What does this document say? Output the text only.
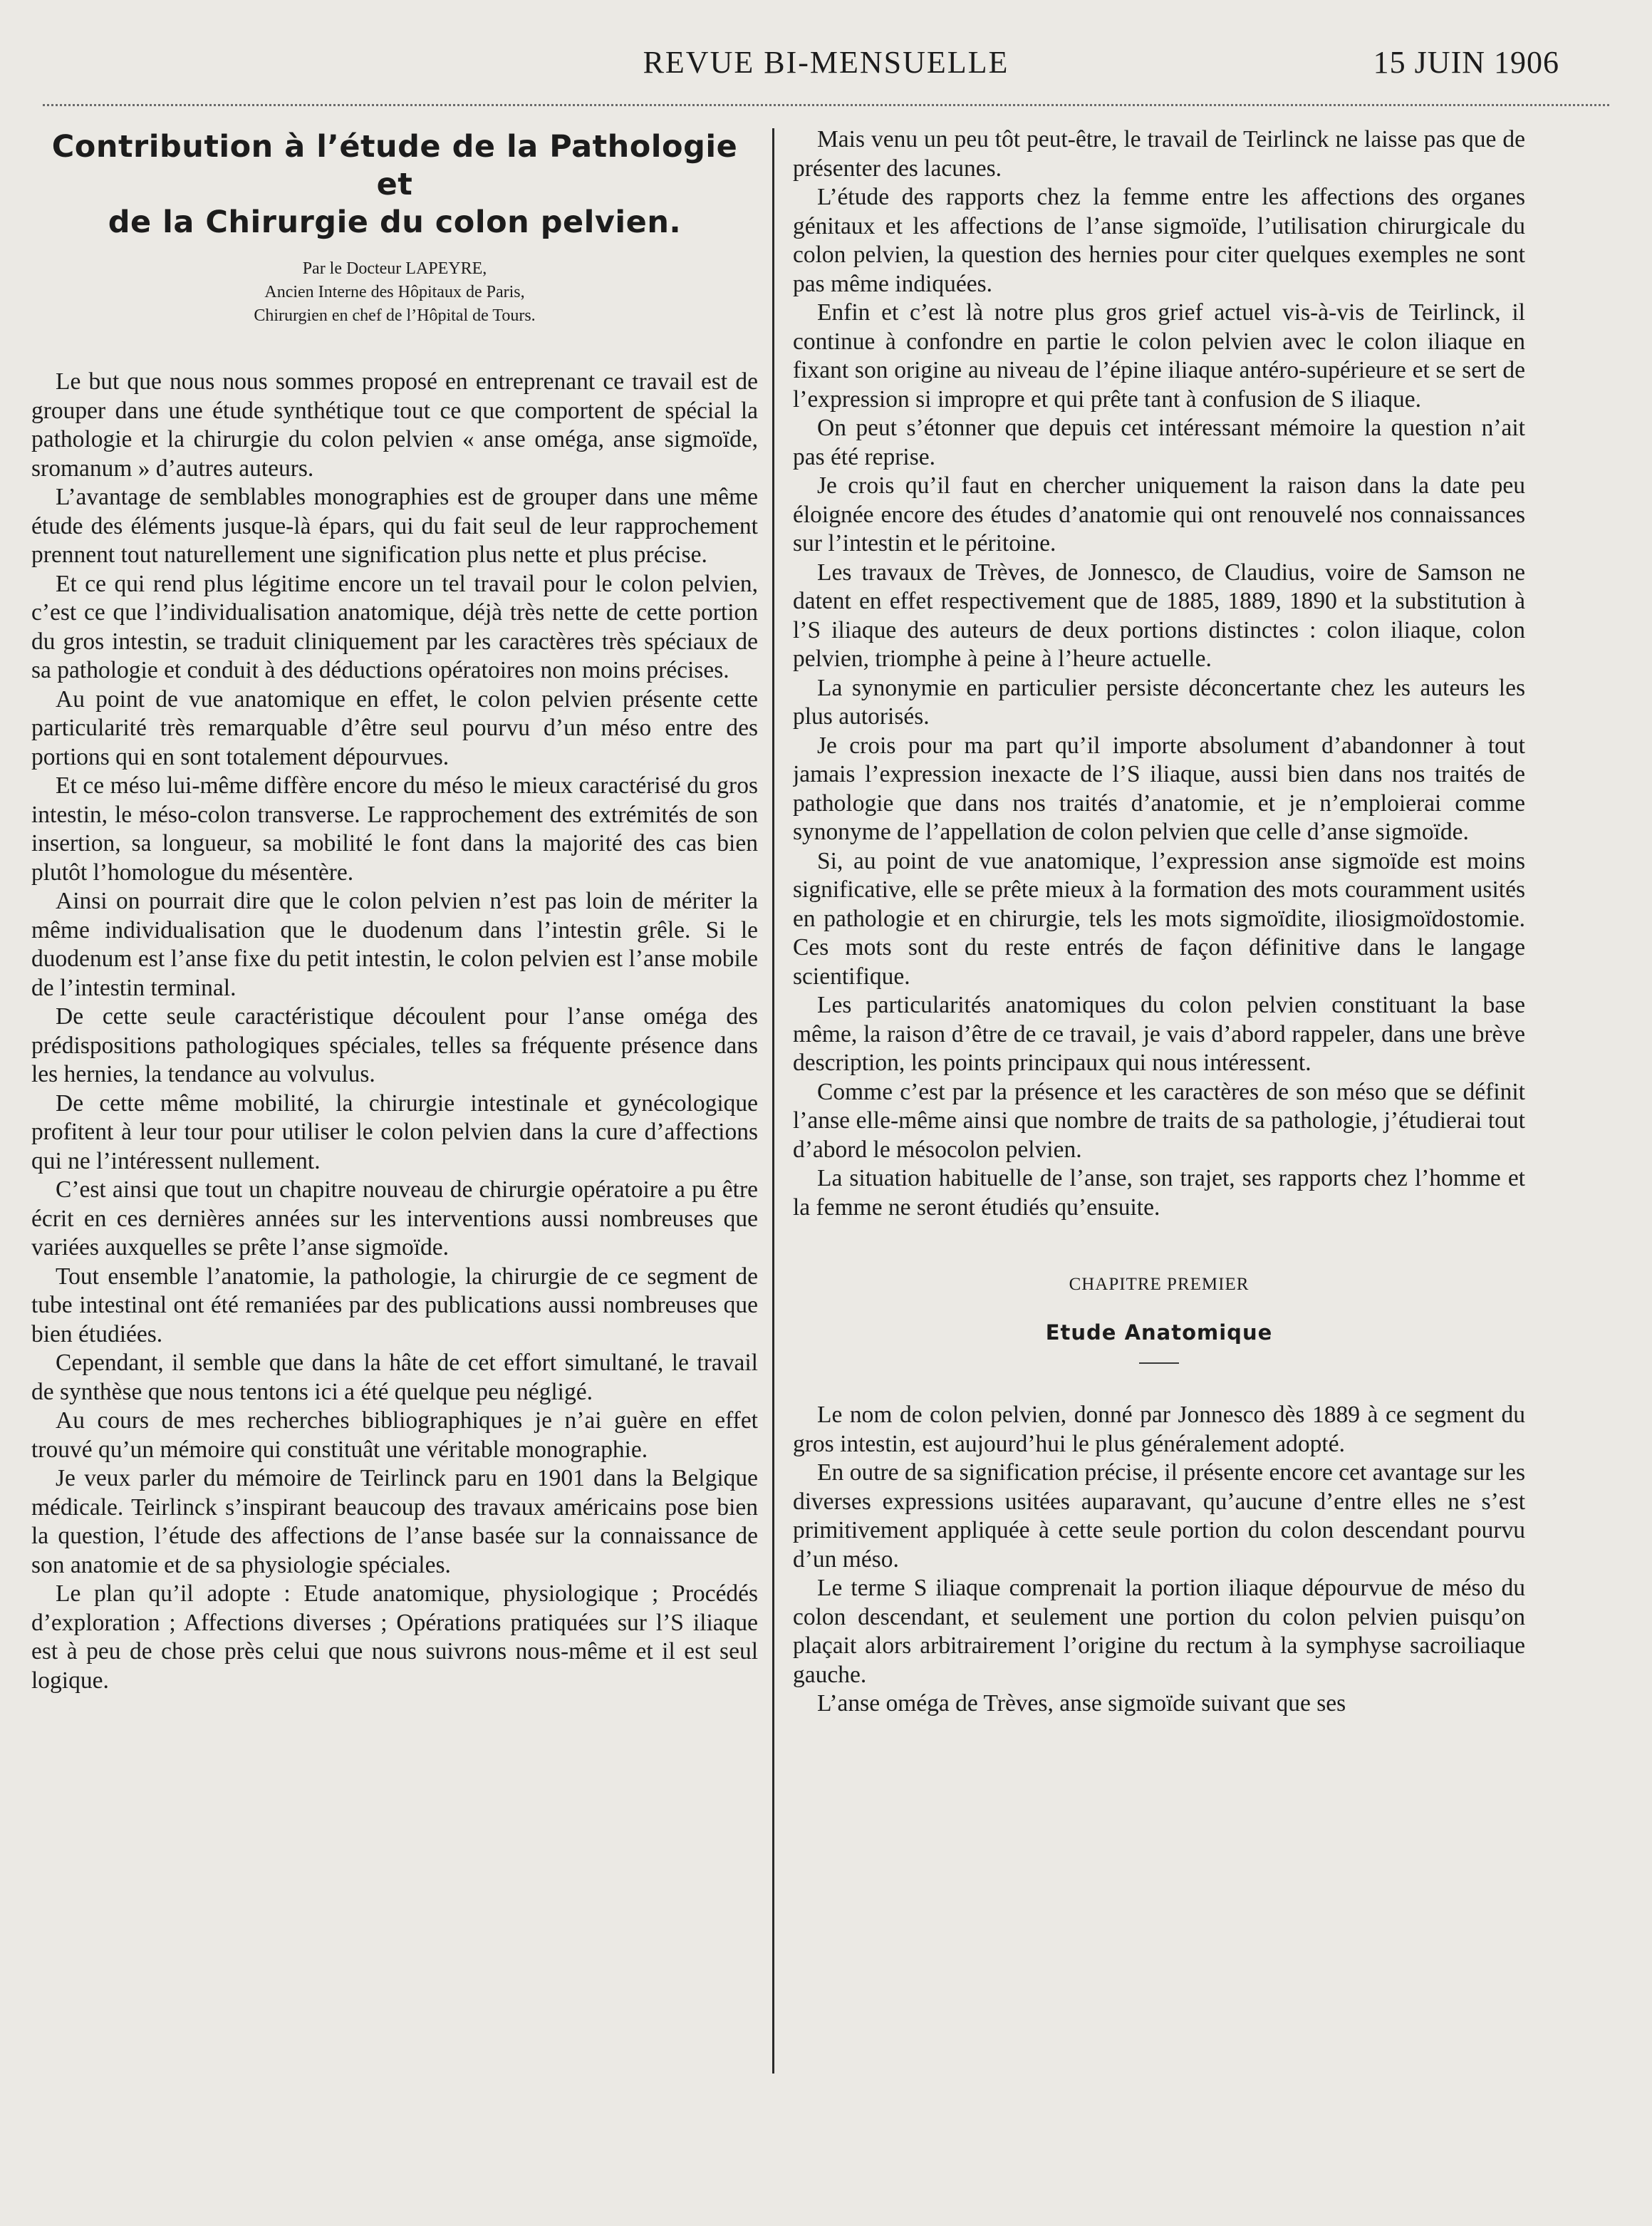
REVUE BI-MENSUELLE	15 JUIN 1906
Contribution à l’étude de la Pathologie et
de la Chirurgie du colon pelvien.
Par le Docteur LAPEYRE,
Ancien Interne des Hôpitaux de Paris,
Chirurgien en chef de l’Hôpital de Tours.

Le but que nous nous sommes proposé en entreprenant ce travail est de grouper dans une étude synthétique tout ce que comportent de spécial la pathologie et la chirurgie du colon pelvien « anse oméga, anse sigmoïde, sromanum » d’autres auteurs.

L’avantage de semblables monographies est de grouper dans une même étude des éléments jusque-là épars, qui du fait seul de leur rapprochement prennent tout naturellement une signification plus nette et plus précise.

Et ce qui rend plus légitime encore un tel travail pour le colon pelvien, c’est ce que l’individualisation anatomique, déjà très nette de cette portion du gros intestin, se traduit cliniquement par les caractères très spéciaux de sa pathologie et conduit à des déductions opératoires non moins précises.

Au point de vue anatomique en effet, le colon pelvien présente cette particularité très remarquable d’être seul pourvu d’un méso entre des portions qui en sont totalement dépourvues.

Et ce méso lui-même diffère encore du méso le mieux caractérisé du gros intestin, le méso-colon transverse. Le rapprochement des extrémités de son insertion, sa longueur, sa mobilité le font dans la majorité des cas bien plutôt l’homologue du mésentère.

Ainsi on pourrait dire que le colon pelvien n’est pas loin de mériter la même individualisation que le duodenum dans l’intestin grêle. Si le duodenum est l’anse fixe du petit intestin, le colon pelvien est l’anse mobile de l’intestin terminal.

De cette seule caractéristique découlent pour l’anse oméga des prédispositions pathologiques spéciales, telles sa fréquente présence dans les hernies, la tendance au volvulus.

De cette même mobilité, la chirurgie intestinale et gynécologique profitent à leur tour pour utiliser le colon pelvien dans la cure d’affections qui ne l’intéressent nullement.

C’est ainsi que tout un chapitre nouveau de chirurgie opératoire a pu être écrit en ces dernières années sur les interventions aussi nombreuses que variées auxquelles se prête l’anse sigmoïde.

Tout ensemble l’anatomie, la pathologie, la chirurgie de ce segment de tube intestinal ont été remaniées par des publications aussi nombreuses que bien étudiées.

Cependant, il semble que dans la hâte de cet effort simultané, le travail de synthèse que nous tentons ici a été quelque peu négligé.

Au cours de mes recherches bibliographiques je n’ai guère en effet trouvé qu’un mémoire qui constituât une véritable monographie.

Je veux parler du mémoire de Teirlinck paru en 1901 dans la Belgique médicale. Teirlinck s’inspirant beaucoup des travaux américains pose bien la question, l’étude des affections de l’anse basée sur la connaissance de son anatomie et de sa physiologie spéciales.

Le plan qu’il adopte : Etude anatomique, physiologique ; Procédés d’exploration ; Affections diverses ; Opérations pratiquées sur l’S iliaque est à peu de chose près celui que nous suivrons nous-même et il est seul logique.

Mais venu un peu tôt peut-être, le travail de Teirlinck ne laisse pas que de présenter des lacunes.

L’étude des rapports chez la femme entre les affections des organes génitaux et les affections de l’anse sigmoïde, l’utilisation chirurgicale du colon pelvien, la question des hernies pour citer quelques exemples ne sont pas même indiquées.

Enfin et c’est là notre plus gros grief actuel vis-à-vis de Teirlinck, il continue à confondre en partie le colon pelvien avec le colon iliaque en fixant son origine au niveau de l’épine iliaque antéro-supérieure et se sert de l’expression si impropre et qui prête tant à confusion de S iliaque.

On peut s’étonner que depuis cet intéressant mémoire la question n’ait pas été reprise.

Je crois qu’il faut en chercher uniquement la raison dans la date peu éloignée encore des études d’anatomie qui ont renouvelé nos connaissances sur l’intestin et le péritoine.

Les travaux de Trèves, de Jonnesco, de Claudius, voire de Samson ne datent en effet respectivement que de 1885, 1889, 1890 et la substitution à l’S iliaque des auteurs de deux portions distinctes : colon iliaque, colon pelvien, triomphe à peine à l’heure actuelle.

La synonymie en particulier persiste déconcertante chez les auteurs les plus autorisés.

Je crois pour ma part qu’il importe absolument d’abandonner à tout jamais l’expression inexacte de l’S iliaque, aussi bien dans nos traités de pathologie que dans nos traités d’anatomie, et je n’emploierai comme synonyme de l’appellation de colon pelvien que celle d’anse sigmoïde.

Si, au point de vue anatomique, l’expression anse sigmoïde est moins significative, elle se prête mieux à la formation des mots couramment usités en pathologie et en chirurgie, tels les mots sigmoïdite, iliosigmoïdostomie. Ces mots sont du reste entrés de façon définitive dans le langage scientifique.

Les particularités anatomiques du colon pelvien constituant la base même, la raison d’être de ce travail, je vais d’abord rappeler, dans une brève description, les points principaux qui nous intéressent.

Comme c’est par la présence et les caractères de son méso que se définit l’anse elle-même ainsi que nombre de traits de sa pathologie, j’étudierai tout d’abord le mésocolon pelvien.

La situation habituelle de l’anse, son trajet, ses rapports chez l’homme et la femme ne seront étudiés qu’ensuite.

CHAPITRE PREMIER
Etude Anatomique

Le nom de colon pelvien, donné par Jonnesco dès 1889 à ce segment du gros intestin, est aujourd’hui le plus généralement adopté.

En outre de sa signification précise, il présente encore cet avantage sur les diverses expressions usitées auparavant, qu’aucune d’entre elles ne s’est primitivement appliquée à cette seule portion du colon descendant pourvu d’un méso.

Le terme S iliaque comprenait la portion iliaque dépourvue de méso du colon descendant, et seulement une portion du colon pelvien puisqu’on plaçait alors arbitrairement l’origine du rectum à la symphyse sacroiliaque gauche.

L’anse oméga de Trèves, anse sigmoïde suivant que ses
